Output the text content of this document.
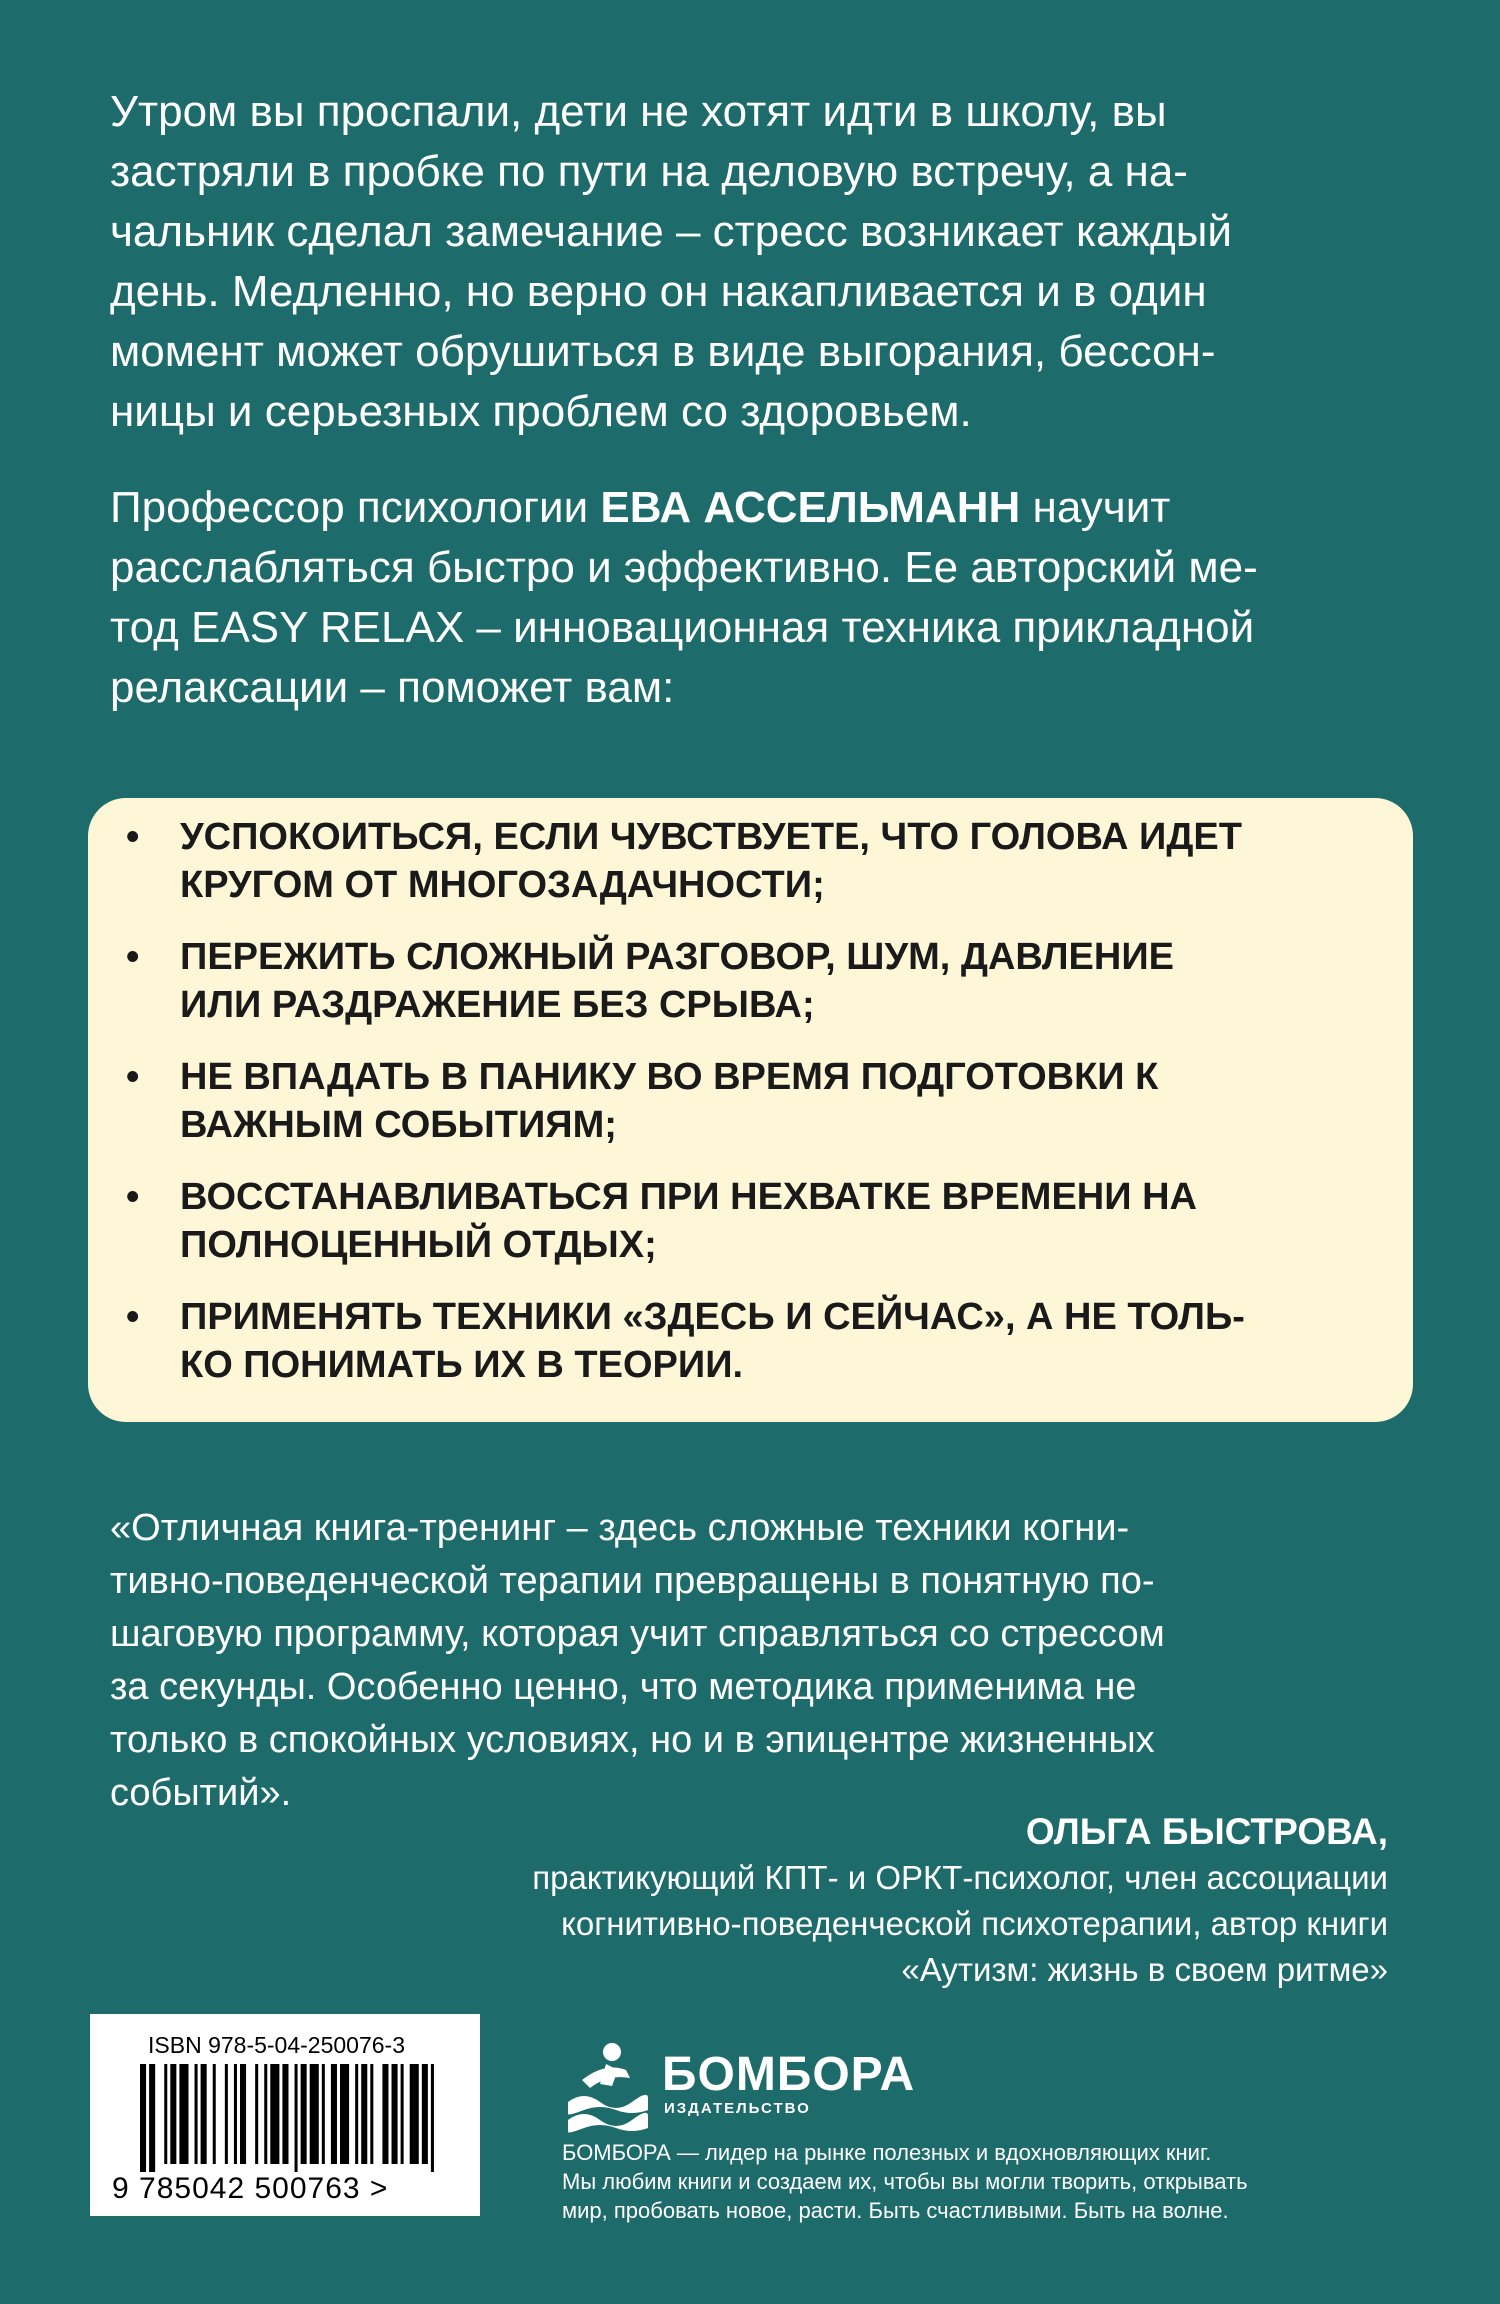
Утром вы проспали, дети не хотят идти в школу, вы
застряли в пробке по пути на деловую встречу, а на-
чальник сделал замечание – стресс возникает каждый
день. Медленно, но верно он накапливается и в один
момент может обрушиться в виде выгорания, бессон-
ницы и серьезных проблем со здоровьем.
Профессор психологии ЕВА АССЕЛЬМАНН научит
расслабляться быстро и эффективно. Ее авторский ме-
тод EASY RELAX – инновационная техника прикладной
релаксации – поможет вам:
• УСПОКОИТЬСЯ, ЕСЛИ ЧУВСТВУЕТЕ, ЧТО ГОЛОВА ИДЕТ
КРУГОМ ОТ МНОГОЗАДАЧНОСТИ;
• ПЕРЕЖИТЬ СЛОЖНЫЙ РАЗГОВОР, ШУМ, ДАВЛЕНИЕ
ИЛИ РАЗДРАЖЕНИЕ БЕЗ СРЫВА;
• НЕ ВПАДАТЬ В ПАНИКУ ВО ВРЕМЯ ПОДГОТОВКИ К
ВАЖНЫМ СОБЫТИЯМ;
• ВОССТАНАВЛИВАТЬСЯ ПРИ НЕХВАТКЕ ВРЕМЕНИ НА
ПОЛНОЦЕННЫЙ ОТДЫХ;
• ПРИМЕНЯТЬ ТЕХНИКИ «ЗДЕСЬ И СЕЙЧАС», А НЕ ТОЛЬ-
КО ПОНИМАТЬ ИХ В ТЕОРИИ.
«Отличная книга-тренинг – здесь сложные техники когни-
тивно-поведенческой терапии превращены в понятную по-
шаговую программу, которая учит справляться со стрессом
за секунды. Особенно ценно, что методика применима не
только в спокойных условиях, но и в эпицентре жизненных
событий».
ОЛЬГА БЫСТРОВА,
практикующий КПТ- и ОРКТ-психолог, член ассоциации
когнитивно-поведенческой психотерапии, автор книги
«Аутизм: жизнь в своем ритме»
ISBN 978-5-04-250076-3
9 785042 500763 >
БОМБОРА
ИЗДАТЕЛЬСТВО
БОМБОРА — лидер на рынке полезных и вдохновляющих книг.
Мы любим книги и создаем их, чтобы вы могли творить, открывать
мир, пробовать новое, расти. Быть счастливыми. Быть на волне.
